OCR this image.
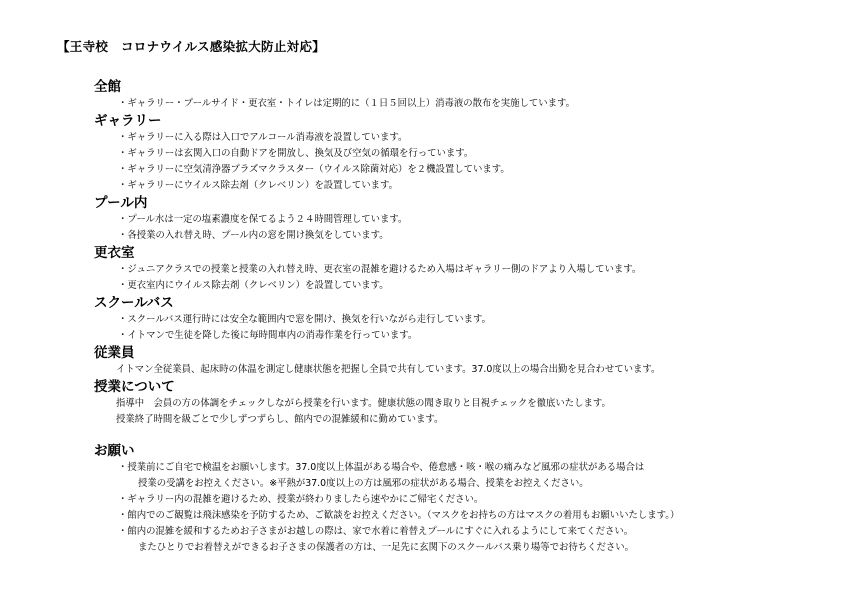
【王寺校　コロナウイルス感染拡大防止対応】
全館
・ギャラリー・プールサイド・更衣室・トイレは定期的に（１日５回以上）消毒液の散布を実施しています。
ギャラリー
・ギャラリーに入る際は入口でアルコール消毒液を設置しています。
・ギャラリーは玄関入口の自動ドアを開放し、換気及び空気の循環を行っています。
・ギャラリーに空気清浄器プラズマクラスター（ウイルス除菌対応）を２機設置しています。
・ギャラリーにウイルス除去剤（クレベリン）を設置しています。
プール内
・プール水は一定の塩素濃度を保てるよう２４時間管理しています。
・各授業の入れ替え時、プール内の窓を開け換気をしています。
更衣室
・ジュニアクラスでの授業と授業の入れ替え時、更衣室の混雑を避けるため入場はギャラリー側のドアより入場しています。
・更衣室内にウイルス除去剤（クレベリン）を設置しています。
スクールバス
・スクールバス運行時には安全な範囲内で窓を開け、換気を行いながら走行しています。
・イトマンで生徒を降した後に毎時間車内の消毒作業を行っています。
従業員
イトマン全従業員、起床時の体温を測定し健康状態を把握し全員で共有しています。37.0度以上の場合出勤を見合わせています。
授業について
指導中　会員の方の体調をチェックしながら授業を行います。健康状態の聞き取りと目視チェックを徹底いたします。
授業終了時間を級ごとで少しずつずらし、館内での混雑緩和に勤めています。
お願い
・授業前にご自宅で検温をお願いします。37.0度以上体温がある場合や、倦怠感・咳・喉の痛みなど風邪の症状がある場合は
授業の受講をお控えください。※平熱が37.0度以上の方は風邪の症状がある場合、授業をお控えください。
・ギャラリー内の混雑を避けるため、授業が終わりましたら速やかにご帰宅ください。
・館内でのご観覧は飛沫感染を予防するため、ご歓談をお控えください。（マスクをお持ちの方はマスクの着用もお願いいたします。）
・館内の混雑を緩和するためお子さまがお越しの際は、家で水着に着替えプールにすぐに入れるようにして来てください。
またひとりでお着替えができるお子さまの保護者の方は、一足先に玄関下のスクールバス乗り場等でお待ちください。
